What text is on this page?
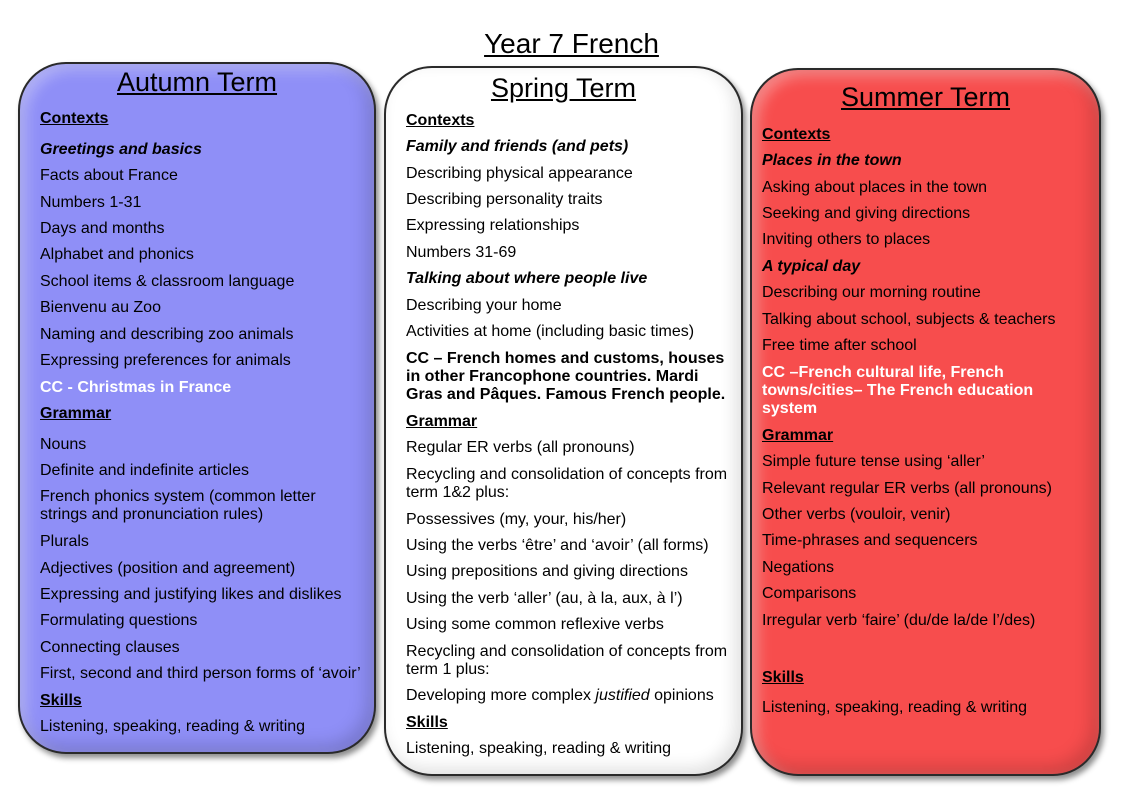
Year 7 French
Autumn Term
Contexts
Greetings and basics
Facts about France
Numbers 1-31
Days and months
Alphabet and phonics
School items & classroom language
Bienvenu au Zoo
Naming and describing zoo animals
Expressing preferences for animals
CC - Christmas in France
Grammar
Nouns
Definite and indefinite articles
French phonics system (common letter strings and pronunciation rules)
Plurals
Adjectives (position and agreement)
Expressing and justifying likes and dislikes
Formulating questions
Connecting clauses
First, second and third person forms of ‘avoir’
Skills
Listening, speaking, reading & writing
Spring Term
Contexts
Family and friends (and pets)
Describing physical appearance
Describing personality traits
Expressing relationships
Numbers 31-69
Talking about where people live
Describing your home
Activities at home (including basic times)
CC – French homes and customs, houses in other Francophone countries. Mardi Gras and Pâques. Famous French people.
Grammar
Regular ER verbs (all pronouns)
Recycling and consolidation of concepts from term 1&2 plus:
Possessives (my, your, his/her)
Using the verbs ‘être’ and ‘avoir’ (all forms)
Using prepositions and giving directions
Using the verb ‘aller’ (au, à la, aux, à l’)
Using some common reflexive verbs
Recycling and consolidation of concepts from term 1 plus:
Developing more complex justified opinions
Skills
Listening, speaking, reading & writing
Summer Term
Contexts
Places in the town
Asking about places in the town
Seeking and giving directions
Inviting others to places
A typical day
Describing our morning routine
Talking about school, subjects & teachers
Free time after school
CC –French cultural life, French towns/cities– The French education system
Grammar
Simple future tense using ‘aller’
Relevant regular ER verbs (all pronouns)
Other verbs (vouloir, venir)
Time-phrases and sequencers
Negations
Comparisons
Irregular verb ‘faire’ (du/de la/de l’/des)
Skills
Listening, speaking, reading & writing
